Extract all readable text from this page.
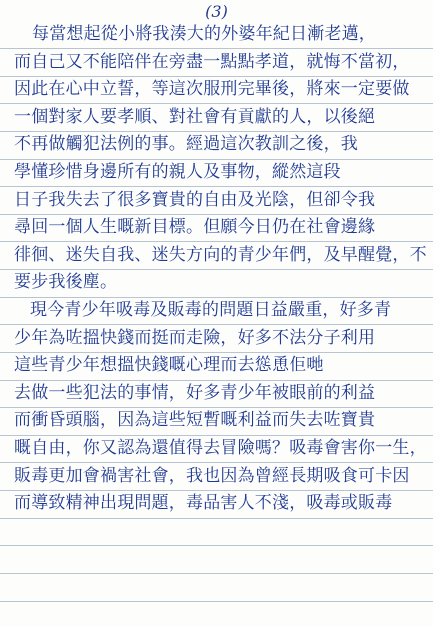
(3)
每當想起從小將我湊大的外婆年紀日漸老邁，
而自己又不能陪伴在旁盡一點點孝道，就悔不當初，
因此在心中立誓，等這次服刑完畢後，將來一定要做
一個對家人要孝順、對社會有貢獻的人，以後絕
不再做觸犯法例的事。經過這次教訓之後，我
學懂珍惜身邊所有的親人及事物，縱然這段
日子我失去了很多寶貴的自由及光陰，但卻令我
尋回一個人生嘅新目標。但願今日仍在社會邊緣
徘徊、迷失自我、迷失方向的青少年們，及早醒覺，不
要步我後塵。
現今青少年吸毒及販毒的問題日益嚴重，好多青
少年為咗搵快錢而挺而走險，好多不法分子利用
這些青少年想搵快錢嘅心理而去慫恿佢哋
去做一些犯法的事情，好多青少年被眼前的利益
而衝昏頭腦，因為這些短暫嘅利益而失去咗寶貴
嘅自由，你又認為還值得去冒險嗎？吸毒會害你一生，
販毒更加會禍害社會，我也因為曾經長期吸食可卡因
而導致精神出現問題，毒品害人不淺，吸毒或販毒
